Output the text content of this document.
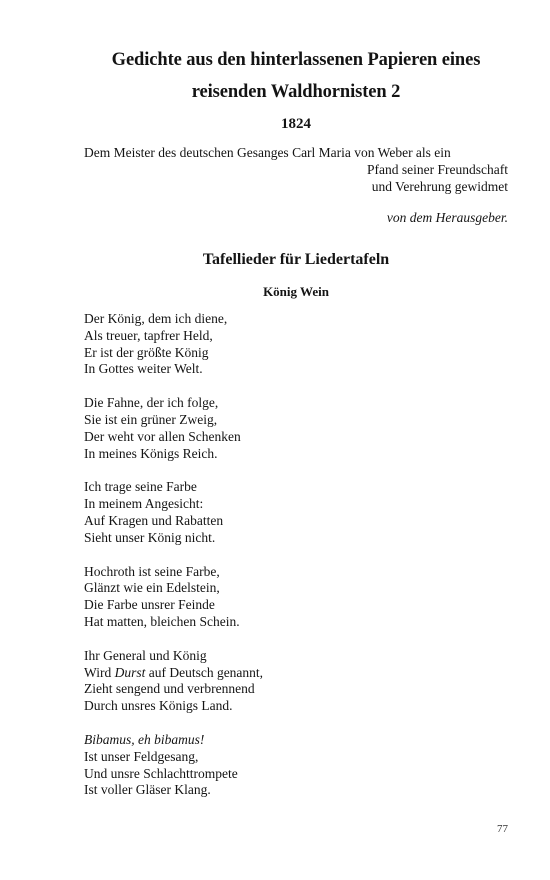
Gedichte aus den hinterlassenen Papieren eines reisenden Waldhornisten 2
1824
Dem Meister des deutschen Gesanges Carl Maria von Weber als ein
Pfand seiner Freundschaft
und Verehrung gewidmet
von dem Herausgeber.
Tafellieder für Liedertafeln
König Wein
Der König, dem ich diene,
Als treuer, tapfrer Held,
Er ist der größte König
In Gottes weiter Welt.
Die Fahne, der ich folge,
Sie ist ein grüner Zweig,
Der weht vor allen Schenken
In meines Königs Reich.
Ich trage seine Farbe
In meinem Angesicht:
Auf Kragen und Rabatten
Sieht unser König nicht.
Hochroth ist seine Farbe,
Glänzt wie ein Edelstein,
Die Farbe unsrer Feinde
Hat matten, bleichen Schein.
Ihr General und König
Wird Durst auf Deutsch genannt,
Zieht sengend und verbrennend
Durch unsres Königs Land.
Bibamus, eh bibamus!
Ist unser Feldgesang,
Und unsre Schlachttrompete
Ist voller Gläser Klang.
77
